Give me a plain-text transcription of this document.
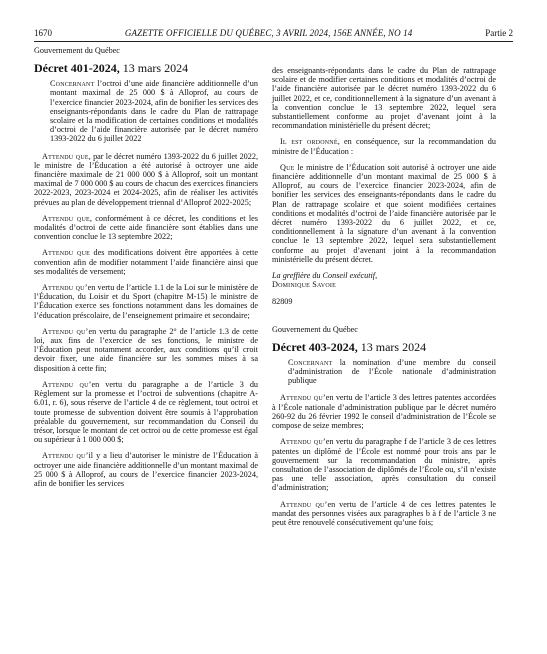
1670	GAZETTE OFFICIELLE DU QUÉBEC, 3 AVRIL 2024, 156E ANNÉE, NO 14	Partie 2
Gouvernement du Québec
Décret 401-2024, 13 mars 2024

Concernant l’octroi d’une aide financière additionnelle d’un montant maximal de 25 000 $ à Alloprof, au cours de l’exercice financier 2023-2024, afin de bonifier les services des enseignants-répondants dans le cadre du Plan de rattrapage scolaire et la modification de certaines conditions et modalités d’octroi de l’aide financière autorisée par le décret numéro 1393-2022 du 6 juillet 2022

Attendu que, par le décret numéro 1393-2022 du 6 juillet 2022, le ministre de l’Éducation a été autorisé à octroyer une aide financière maximale de 21 000 000 $ à Alloprof, soit un montant maximal de 7 000 000 $ au cours de chacun des exercices financiers 2022-2023, 2023-2024 et 2024-2025, afin de réaliser les activités prévues au plan de développement triennal d’Alloprof 2022-2025;

Attendu que, conformément à ce décret, les conditions et les modalités d’octroi de cette aide financière sont établies dans une convention conclue le 13 septembre 2022;

Attendu que des modifications doivent être apportées à cette convention afin de modifier notamment l’aide financière ainsi que ses modalités de versement;

Attendu qu’en vertu de l’article 1.1 de la Loi sur le ministère de l’Éducation, du Loisir et du Sport (chapitre M-15) le ministre de l’Éducation exerce ses fonctions notamment dans les domaines de l’éducation préscolaire, de l’enseignement primaire et secondaire;

Attendu qu’en vertu du paragraphe 2° de l’article 1.3 de cette loi, aux fins de l’exercice de ses fonctions, le ministre de l’Éducation peut notamment accorder, aux conditions qu’il croit devoir fixer, une aide financière sur les sommes mises à sa disposition à cette fin;

Attendu qu’en vertu du paragraphe a de l’article 3 du Règlement sur la promesse et l’octroi de subventions (chapitre A-6.01, r. 6), sous réserve de l’article 4 de ce règlement, tout octroi et toute promesse de subvention doivent être soumis à l’approbation préalable du gouvernement, sur recommandation du Conseil du trésor, lorsque le montant de cet octroi ou de cette promesse est égal ou supérieur à 1 000 000 $;

Attendu qu’il y a lieu d’autoriser le ministre de l’Éducation à octroyer une aide financière additionnelle d’un montant maximal de 25 000 $ à Alloprof, au cours de l’exercice financier 2023-2024, afin de bonifier les services

des enseignants-répondants dans le cadre du Plan de rattrapage scolaire et de modifier certaines conditions et modalités d’octroi de l’aide financière autorisée par le décret numéro 1393-2022 du 6 juillet 2022, et ce, conditionnellement à la signature d’un avenant à la convention conclue le 13 septembre 2022, lequel sera substantiellement conforme au projet d’avenant joint à la recommandation ministérielle du présent décret;

Il est ordonné, en conséquence, sur la recommandation du ministre de l’Éducation :

Que le ministre de l’Éducation soit autorisé à octroyer une aide financière additionnelle d’un montant maximal de 25 000 $ à Alloprof, au cours de l’exercice financier 2023-2024, afin de bonifier les services des enseignants-répondants dans le cadre du Plan de rattrapage scolaire et que soient modifiées certaines conditions et modalités d’octroi de l’aide financière autorisée par le décret numéro 1393-2022 du 6 juillet 2022, et ce, conditionnellement à la signature d’un avenant à la convention conclue le 13 septembre 2022, lequel sera substantiellement conforme au projet d’avenant joint à la recommandation ministérielle du présent décret.

La greffière du Conseil exécutif,
Dominique Savoie
82809
Gouvernement du Québec
Décret 403-2024, 13 mars 2024

Concernant la nomination d’une membre du conseil d’administration de l’École nationale d’administration publique

Attendu qu’en vertu de l’article 3 des lettres patentes accordées à l’École nationale d’administration publique par le décret numéro 260-92 du 26 février 1992 le conseil d’administration de l’École se compose de seize membres;

Attendu qu’en vertu du paragraphe f de l’article 3 de ces lettres patentes un diplômé de l’École est nommé pour trois ans par le gouvernement sur la recommandation du ministre, après consultation de l’association de diplômés de l’École ou, s’il n’existe pas une telle association, après consultation du conseil d’administration;

Attendu qu’en vertu de l’article 4 de ces lettres patentes le mandat des personnes visées aux paragraphes b à f de l’article 3 ne peut être renouvelé consécutivement qu’une fois;
